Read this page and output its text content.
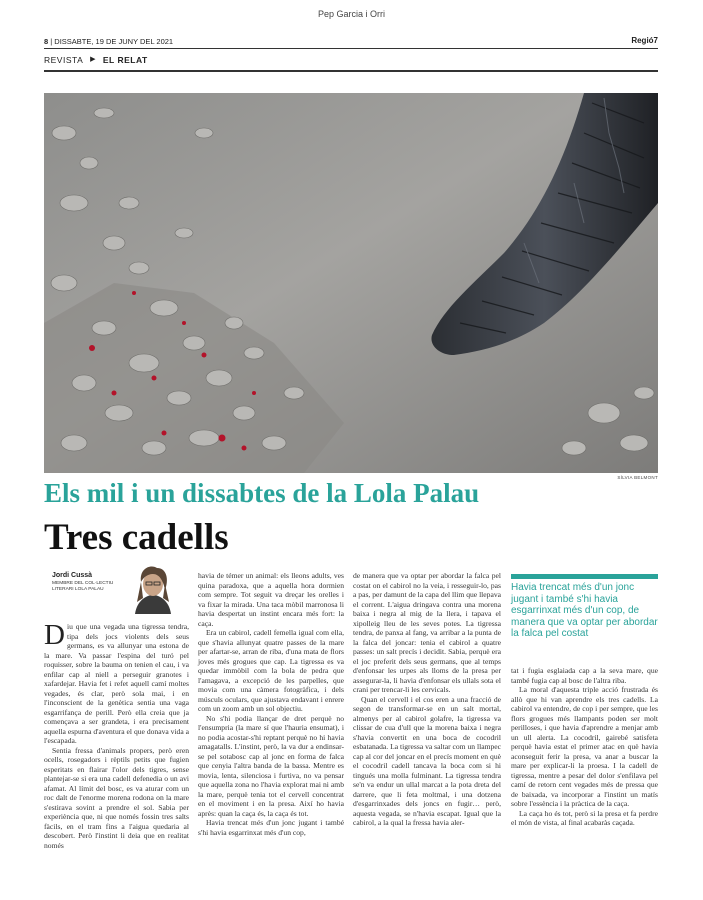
Pep Garcia i Orri
8 | DISSABTE, 19 DE JUNY DEL 2021	Regió7
REVISTA ▶ EL RELAT
SÍLVIA BELMONT
Els mil i un dissabtes de la Lola Palau
Tres cadells
Jordi Cussà
MEMBRE DEL COL·LECTIU LITERARI LOLA PALAU	Havia trencat més d'un jonc jugant i també s'hi havia esgarrinxat més d'un cop, de manera que va optar per abordar la falca pel costat

Diu que una vegada una tigressa tendra, tipa dels jocs violents dels seus germans, es va allunyar una estona de la mare. Va passar l'espina del turó pel roquisser, sobre la bauma on tenien el cau, i va enfilar cap al niell a perseguir granotes i xafardejar. Havia fet i refet aquell camí moltes vegades, és clar, però sola mai, i en l'inconscient de la genètica sentia una vaga esgarrifança de perill. Però ella creia que ja començava a ser grandeta, i era precisament aquella espurna d'aventura el que donava vida a l'escapada.

Sentia fressa d'animals propers, però eren ocells, rosegadors i rèptils petits que fugien esperitats en flairar l'olor dels tigres, sense plantejar-se si era una cadell defenedia o un avi afamat. Al límit del bosc, es va aturar com un roc dalt de l'enorme morena rodona on la mare s'estirava sovint a prendre el sol. Sabia per experiència que, ni que només fossin tres salts fàcils, en el tram fins a l'aigua quedaria al descobert. Però l'instint li deia que en realitat només

havia de témer un animal: els lleons adults, ves quina paradoxa, que a aquella hora dormien com sempre. Tot seguit va dreçar les orelles i va fixar la mirada. Una taca mòbil marronosa li havia despertat un instint encara més fort: la caça.

Era un cabirol, cadell femella igual com ella, que s'havia allunyat quatre passes de la mare per afartar-se, arran de riba, d'una mata de flors joves més grogues que cap. La tigressa es va quedar immòbil com la bola de pedra que l'amagava, a excepció de les parpelles, que movia com una càmera fotogràfica, i dels músculs oculars, que ajustava endavant i enrere com un zoom amb un sol objectiu.

No s'hi podia llançar de dret perquè no l'ensumpria (la mare sí que l'hauria ensumat), i no podia acostar-s'hi reptant perquè no hi havia amagatalls. L'instint, però, la va dur a endinsar-se pel sotabosc cap al jonc en forma de falca que cenyia l'altra banda de la bassa. Mentre es movia, lenta, silenciosa i furtiva, no va pensar que aquella zona no l'havia explorat mai ni amb la mare, perquè tenia tot el cervell concentrat en el moviment i en la presa. Així ho havia après: quan la caça és, la caça és tot.

Havia trencat més d'un jonc jugant i també s'hi havia esgarrinxat més d'un cop,

de manera que va optar per abordar la falca pel costat on el cabirol no la veia, i resseguir-lo, pas a pas, per damunt de la capa del llim que llepava el corrent. L'aigua dringava contra una morena baixa i negra al mig de la llera, i tapava el xipolleig lleu de les seves potes. La tigressa tendra, de panxa al fang, va arribar a la punta de la falca del joncar: tenia el cabirol a quatre passes: un salt precís i decidit. Sabia, perquè era el joc preferit dels seus germans, que al temps d'enfonsar les urpes als lloms de la presa per assegurar-la, li havia d'enfonsar els ullals sota el crani per trencar-li les cervicals.

Quan el cervell i el cos eren a una fracció de segon de transformar-se en un salt mortal, almenys per al cabirol golafre, la tigressa va clissar de cua d'ull que la morena baixa i negra s'havia convertit en una boca de cocodril esbatanada. La tigressa va saltar com un llampec cap al cor del joncar en el precís moment en què el cocodril cadell tancava la boca com si hi tingués una molla fulminant. La tigressa tendra se'n va endur un ullal marcat a la pota dreta del darrere, que li feta moltmal, i una dotzena d'esgarrinxades dels joncs en fugir… però, aquesta vegada, se n'havia escapat. Igual que la cabirol, a la qual la fressa havia aler-

tat i fugia esglaiada cap a la seva mare, que també fugia cap al bosc de l'altra riba.

La moral d'aquesta triple acció frustrada és allò que hi van aprendre els tres cadells. La cabirol va entendre, de cop i per sempre, que les flors grogues més llampants poden ser molt perilloses, i que havia d'aprendre a menjar amb un ull alerta. La cocodril, gairebé satisfeta perquè havia estat el primer atac en què havia aconseguit ferir la presa, va anar a buscar la mare per explicar-li la proesa. I la cadell de tigressa, mentre a pesar del dolor s'enfilava pel camí de retorn cent vegades més de pressa que de baixada, va incorporar a l'instint un matís sobre l'essència i la pràctica de la caça.

La caça ho és tot, però si la presa et fa perdre el món de vista, al final acabaràs caçada.
